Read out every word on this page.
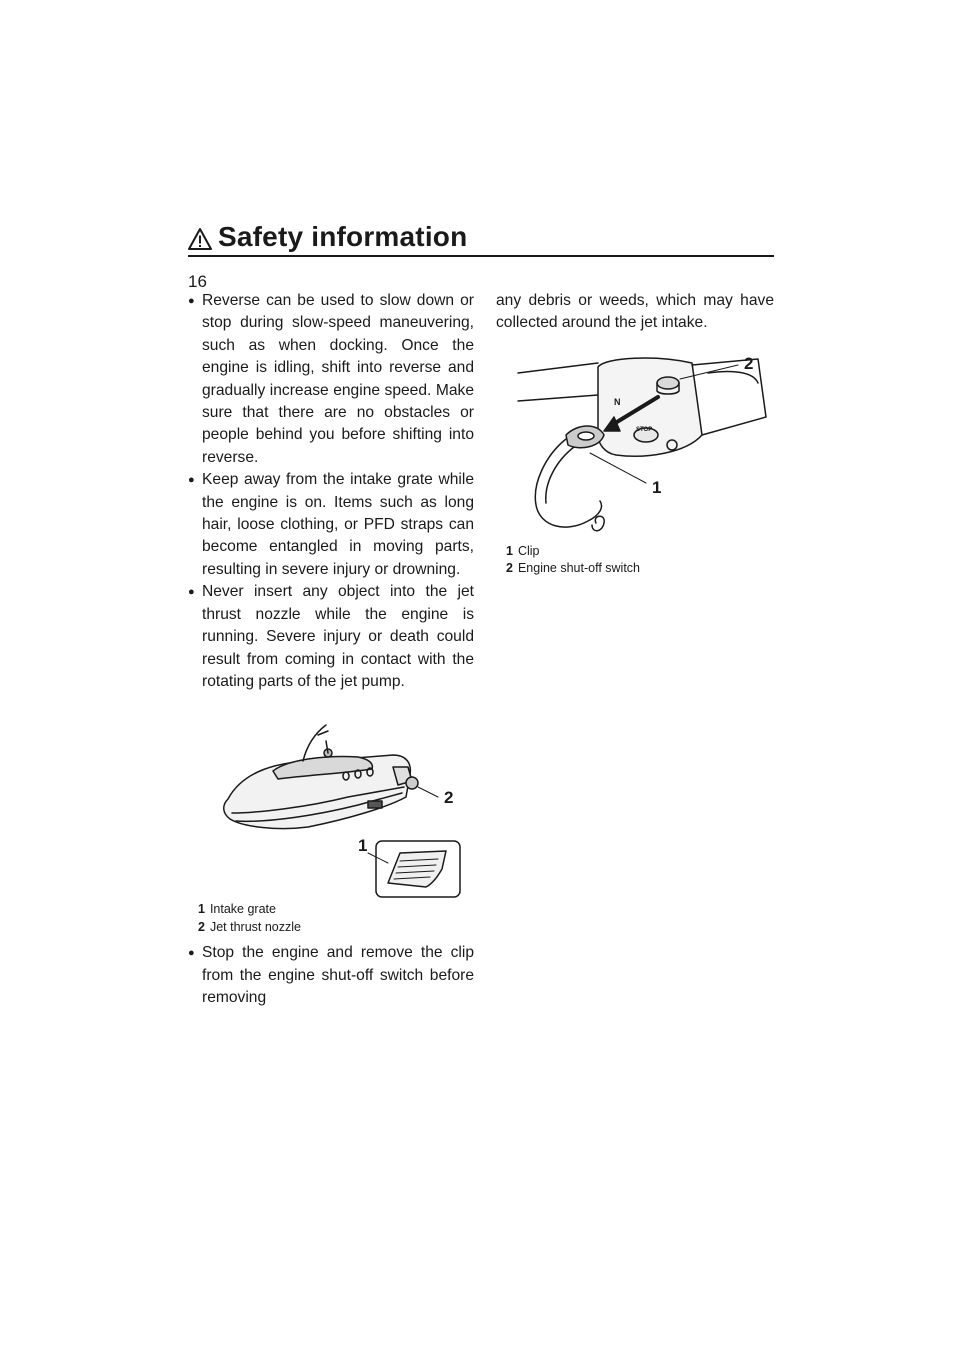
Safety information
16
● Reverse can be used to slow down or stop during slow-speed maneuvering, such as when docking. Once the engine is idling, shift into reverse and gradually increase engine speed. Make sure that there are no obstacles or people behind you before shifting into reverse.
● Keep away from the intake grate while the engine is on. Items such as long hair, loose clothing, or PFD straps can become entangled in moving parts, resulting in severe injury or drowning.
● Never insert any object into the jet thrust nozzle while the engine is running. Severe injury or death could result from coming in contact with the rotating parts of the jet pump.
2
1
1 Intake grate
2 Jet thrust nozzle
● Stop the engine and remove the clip from the engine shut-off switch before removing

any debris or weeds, which may have collected around the jet intake.

N
STOP
2
1
1 Clip
2 Engine shut-off switch
